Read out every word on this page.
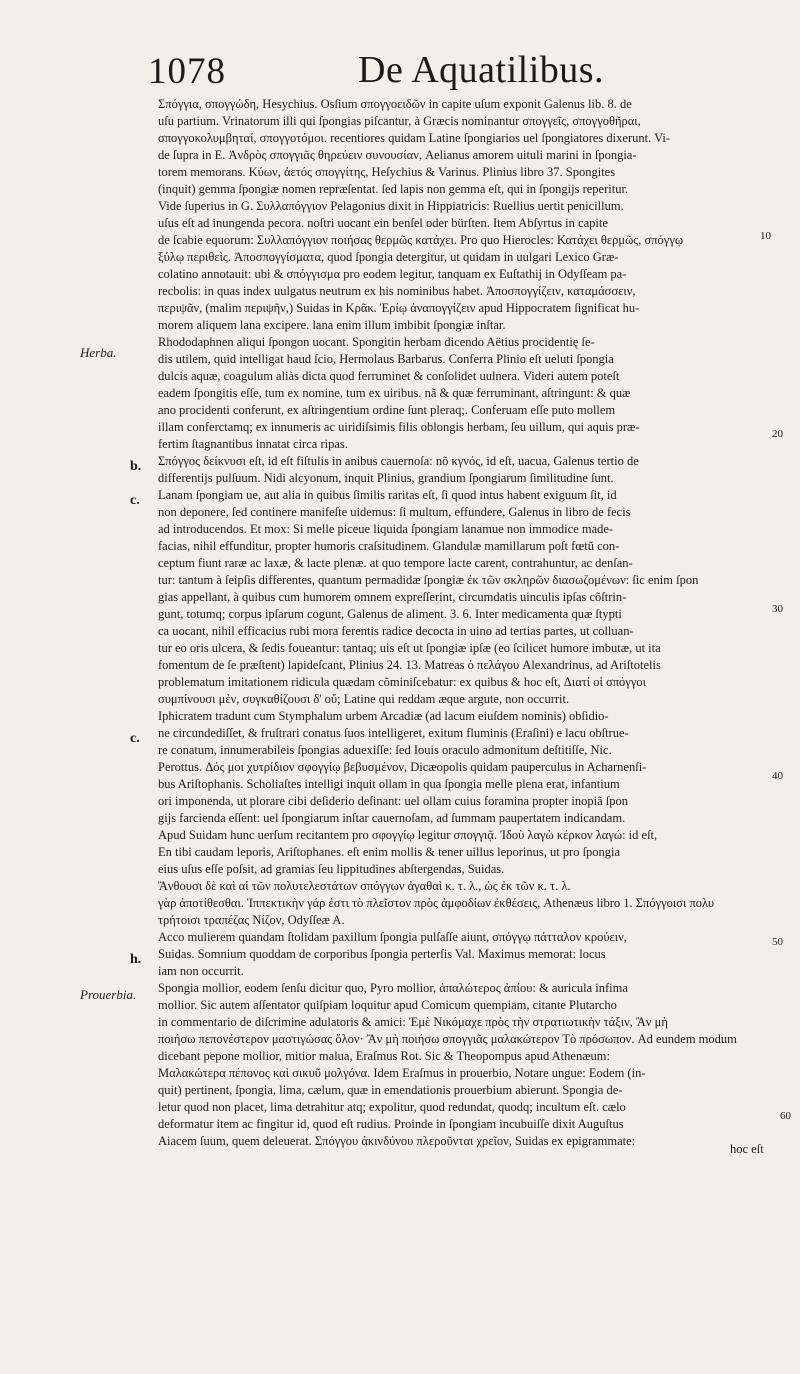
1078	De Aquatilibus.
Σπόγγια, σπογγώδη, Hesychius. Osſium σπογγοειδῶν in capite uſum exponit Galenus lib. 8. de
uſu partium. Vrinatorum illi qui ſpongias piſcantur, à Græcis nominantur σπογγεῖς, σπογγοθῆραι,
σπογγοκολυμβηταί, σπογγοτόμοι. recentiores quidam Latine ſpongiarios uel ſpongiatores dixerunt. Vi-
de ſupra in E. Ἀνδρὸς σπογγιᾶς θηρεύειν συνουσίαν, Aelianus amorem uituli marini in ſpongia-
torem memorans. Κύων, ἀετός σπογγίτης, Heſychius & Varinus. Plinius libro 37. Spongites
(inquit) gemma ſpongiæ nomen repræſentat. ſed lapis non gemma eſt, qui in ſpongijs reperitur.
Vide ſuperius in G. Συλλαπόγγιον Pelagonius dixit in Hippiatricis: Ruellius uertit penicillum.
uſus eſt ad inungenda pecora. noſtri uocant ein benſel oder bürſten. Item Abſyrtus in capite
de ſcabie equorum: Συλλαπόγγιον ποιήσας θερμῶς κατάχει. Pro quo Hierocles: Κατάχει θερμῶς, σπόγγῳ
ξύλῳ περιθεὶς. Ἀποσπογγίσματα, quod ſpongia detergitur, ut quidam in uulgari Lexico Græ-
colatino annotauit: ubi & σπόγγισμα pro eodem legitur, tanquam ex Euſtathij in Odyſſeam pa-
recbolis: in quas index uulgatus neutrum ex his nominibus habet. Ἀποσπογγίζειν, καταμάσσειν,
περιψᾶν, (malim περιψῆν,) Suidas in Κρᾶκ. Ἐρίῳ ἀναπογγίζειν apud Hippocratem ſignificat hu-
morem aliquem lana excipere. lana enim illum imbibit ſpongiæ inſtar.
Rhododaphnen aliqui ſpongon uocant. Spongitin herbam dicendo Aëtius procidentię ſe-
dis utilem, quid intelligat haud ſcio, Hermolaus Barbarus. Conferra Plinio eſt ueluti ſpongia
dulcis aquæ, coagulum aliàs dicta quod ferruminet & conſolidet uulnera. Videri autem poteſt
eadem ſpongitis eſſe, tum ex nomine, tum ex uiribus. nã & quæ ferruminant, aſtringunt: & quæ
ano procidenti conferunt, ex aſtringentium ordine ſunt pleraq;. Conferuam eſſe puto mollem
illam conferctamq; ex innumeris ac uiridiſsimis filis oblongis herbam, ſeu uillum, qui aquis præ-
fertim ſtagnantibus innatat circa ripas.
Σπόγγος δείκνυσι eſt, id eſt fiſtulis in anibus cauernoſa: nõ κγνός, id eſt, uacua, Galenus tertio de
differentijs pulſuum. Nidi alcyonum, inquit Plinius, grandium ſpongiarum ſimilitudine ſunt.
Lanam ſpongiam ue, aut alia in quibus ſimilis raritas eſt, ſi quod intus habent exiguum ſit, id
non deponere, ſed continere manifeſte uidemus: ſi multum, effundere, Galenus in libro de fecis
ad introducendos. Et mox: Si melle piceue liquida ſpongiam lanamue non immodice made-
facias, nihil effunditur, propter humoris craſsitudinem. Glandulæ mamillarum poſt fœtũ con-
ceptum fiunt raræ ac laxæ, & lacte plenæ. at quo tempore lacte carent, contrahuntur, ac denſan-
tur: tantum à ſeipſis differentes, quantum permadidæ ſpongiæ ἐκ τῶν σκληρῶν διασωζομένων: ſic enim ſpon
gias appellant, à quibus cum humorem omnem expreſſerint, circumdatis uinculis ipſas cõſtrin-
gunt, totumq; corpus ipſarum cogunt, Galenus de aliment. 3. 6. Inter medicamenta quæ ſtypti
ca uocant, nihil efficacius rubi mora ferentis radice decocta in uino ad tertias partes, ut colluan-
tur eo oris ulcera, & ſedis foueantur: tantaq; uis eſt ut ſpongiæ ipſæ (eo ſcilicet humore imbutæ, ut ita
fomentum de ſe præſtent) lapideſcant, Plinius 24. 13. Matreas ὁ πελάγου Alexandrinus, ad Ariſtotelis
problematum imitationem ridicula quædam cõminiſcebatur: ex quibus & hoc eſt, Διατί οἱ σπόγγοι
συμπίνουσι μὲν, συγκαθίζουσι δ' οὔ; Latine qui reddam æque argute, non occurrit.
Iphicratem tradunt cum Stymphalum urbem Arcadiæ (ad lacum eiuſdem nominis) obſidio-
ne circundediſſet, & fruſtrari conatus ſuos intelligeret, exitum fluminis (Eraſini) e lacu obſtrue-
re conatum, innumerabileis ſpongias aduexiſſe: ſed Iouis oraculo admonitum deſtitiſſe, Nic.
Perottus. Δός μοι χυτρίδιον σφογγίῳ βεβυσμένον, Dicæopolis quidam pauperculus in Acharnenſi-
bus Ariſtophanis. Scholiaſtes intelligi inquit ollam in qua ſpongia melle plena erat, infantium
ori imponenda, ut plorare cibi deſiderio deſinant: uel ollam cuius foramina propter inopiã ſpon
gijs farcienda eſſent: uel ſpongiarum inſtar cauernoſam, ad ſummam paupertatem indicandam.
Apud Suidam hunc uerſum recitantem pro σφογγίῳ legitur σπογγιᾷ. Ἰδοὺ λαγὼ κέρκον λαγώ: id eſt,
En tibi caudam leporis, Ariſtophanes. eſt enim mollis & tener uillus leporinus, ut pro ſpongia
eius uſus eſſe poſsit, ad gramias ſeu lippitudines abſtergendas, Suidas.
Ἄνθουσι δὲ καὶ αἱ τῶν πολυτελεστάτων σπόγγων ἀγαθαὶ κ. τ. λ., ὡς ἐκ τῶν κ. τ. λ.
γὰρ ἀποτίθεσθαι. Ἱππεκτικὴν γάρ ἐστι τὸ πλεῖστον πρὸς ἀμφοδίων ἐκθέσεις, Athenæus libro 1. Σπόγγοισι πολυ
τρήτοισι τραπέζας Νίζον, Odyſſeæ A.
Acco mulierem quandam ſtolidam paxillum ſpongia pulſaſſe aiunt, σπόγγῳ πάτταλον κρούειν,
Suidas. Somnium quoddam de corporibus ſpongia perterſis Val. Maximus memorat: locus
iam non occurrit.
Spongia mollior, eodem ſenſu dicitur quo, Pyro mollior, ἁπαλώτερος ἀπίου: & auricula infima
mollior. Sic autem aſſentator quiſpiam loquitur apud Comicum quempiam, citante Plutarcho
in commentario de diſcrimine adulatoris & amici: Ἐμὲ Νικόμαχε πρὸς τὴν στρατιωτικὴν τάξιν, Ἂν μὴ
ποιήσω πεπονέστερον μαστιγώσας ὅλον· Ἂν μὴ ποιήσω σπογγιᾶς μαλακώτερον Τὸ πρόσωπον. Ad eundem modum
dicebant pepone mollior, mitior malua, Eraſmus Rot. Sic & Theopompus apud Athenæum:
Μαλακώτερα πέπονος καὶ σικυῦ μολγόνα. Idem Eraſmus in prouerbio, Notare ungue: Eodem (in-
quit) pertinent, ſpongia, lima, cælum, quæ in emendationis prouerbium abierunt. Spongia de-
letur quod non placet, lima detrahitur atq; expolitur, quod redundat, quodq; incultum eſt. cælo
deformatur item ac fingitur id, quod eſt rudius. Proinde in ſpongiam incubuiſſe dixit Auguſtus
Aiacem ſuum, quem deleuerat. Σπόγγου ἀκινδύνου πλεροῦνται χρεῖον, Suidas ex epigrammate:
Herba.
Prouerbia.
b.
c.
c.
h.
10
20
30
40
50
60
hoc eſt
